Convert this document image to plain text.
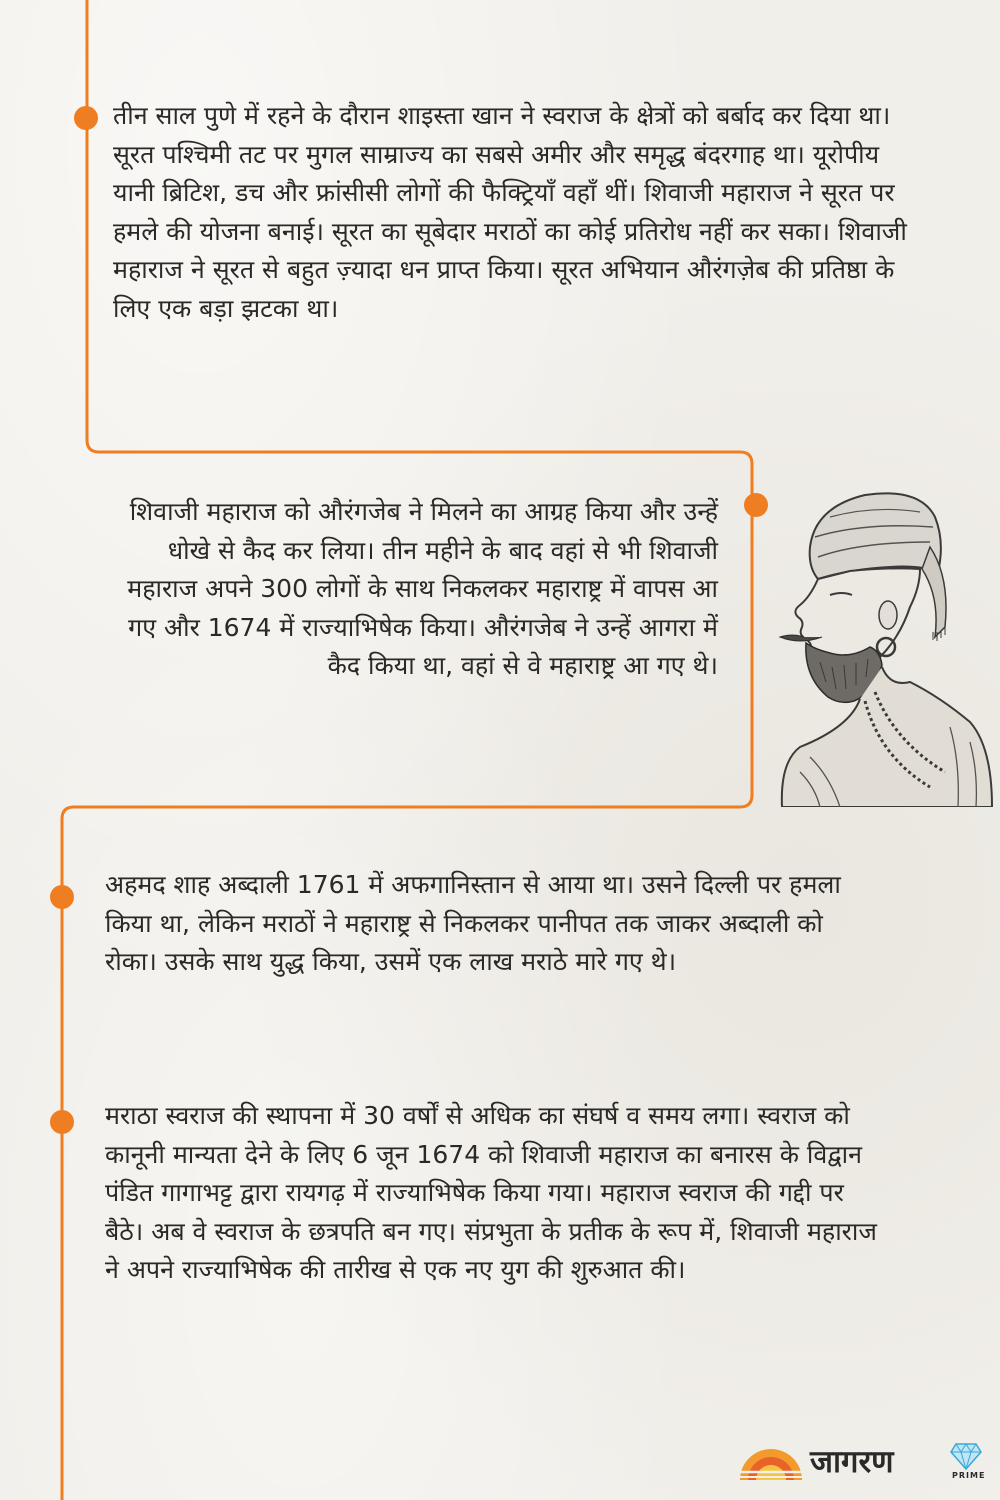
तीन साल पुणे में रहने के दौरान शाइस्ता खान ने स्वराज के क्षेत्रों को बर्बाद कर दिया था। सूरत पश्चिमी तट पर मुगल साम्राज्य का सबसे अमीर और समृद्ध बंदरगाह था। यूरोपीय यानी ब्रिटिश, डच और फ्रांसीसी लोगों की फैक्ट्रियाँ वहाँ थीं। शिवाजी महाराज ने सूरत पर हमले की योजना बनाई। सूरत का सूबेदार मराठों का कोई प्रतिरोध नहीं कर सका। शिवाजी महाराज ने सूरत से बहुत ज़्यादा धन प्राप्त किया। सूरत अभियान औरंगज़ेब की प्रतिष्ठा के लिए एक बड़ा झटका था।

शिवाजी महाराज को औरंगजेब ने मिलने का आग्रह किया और उन्हें धोखे से कैद कर लिया। तीन महीने के बाद वहां से भी शिवाजी महाराज अपने 300 लोगों के साथ निकलकर महाराष्ट्र में वापस आ गए और 1674 में राज्याभिषेक किया। औरंगजेब ने उन्हें आगरा में कैद किया था, वहां से वे महाराष्ट्र आ गए थे।

अहमद शाह अब्दाली 1761 में अफगानिस्तान से आया था। उसने दिल्ली पर हमला किया था, लेकिन मराठों ने महाराष्ट्र से निकलकर पानीपत तक जाकर अब्दाली को रोका। उसके साथ युद्ध किया, उसमें एक लाख मराठे मारे गए थे।

मराठा स्वराज की स्थापना में 30 वर्षों से अधिक का संघर्ष व समय लगा। स्वराज को कानूनी मान्यता देने के लिए 6 जून 1674 को शिवाजी महाराज का बनारस के विद्वान पंडित गागाभट्ट द्वारा रायगढ़ में राज्याभिषेक किया गया। महाराज स्वराज की गद्दी पर बैठे। अब वे स्वराज के छत्रपति बन गए। संप्रभुता के प्रतीक के रूप में, शिवाजी महाराज ने अपने राज्याभिषेक की तारीख से एक नए युग की शुरुआत की।

जागरण	PRIME
